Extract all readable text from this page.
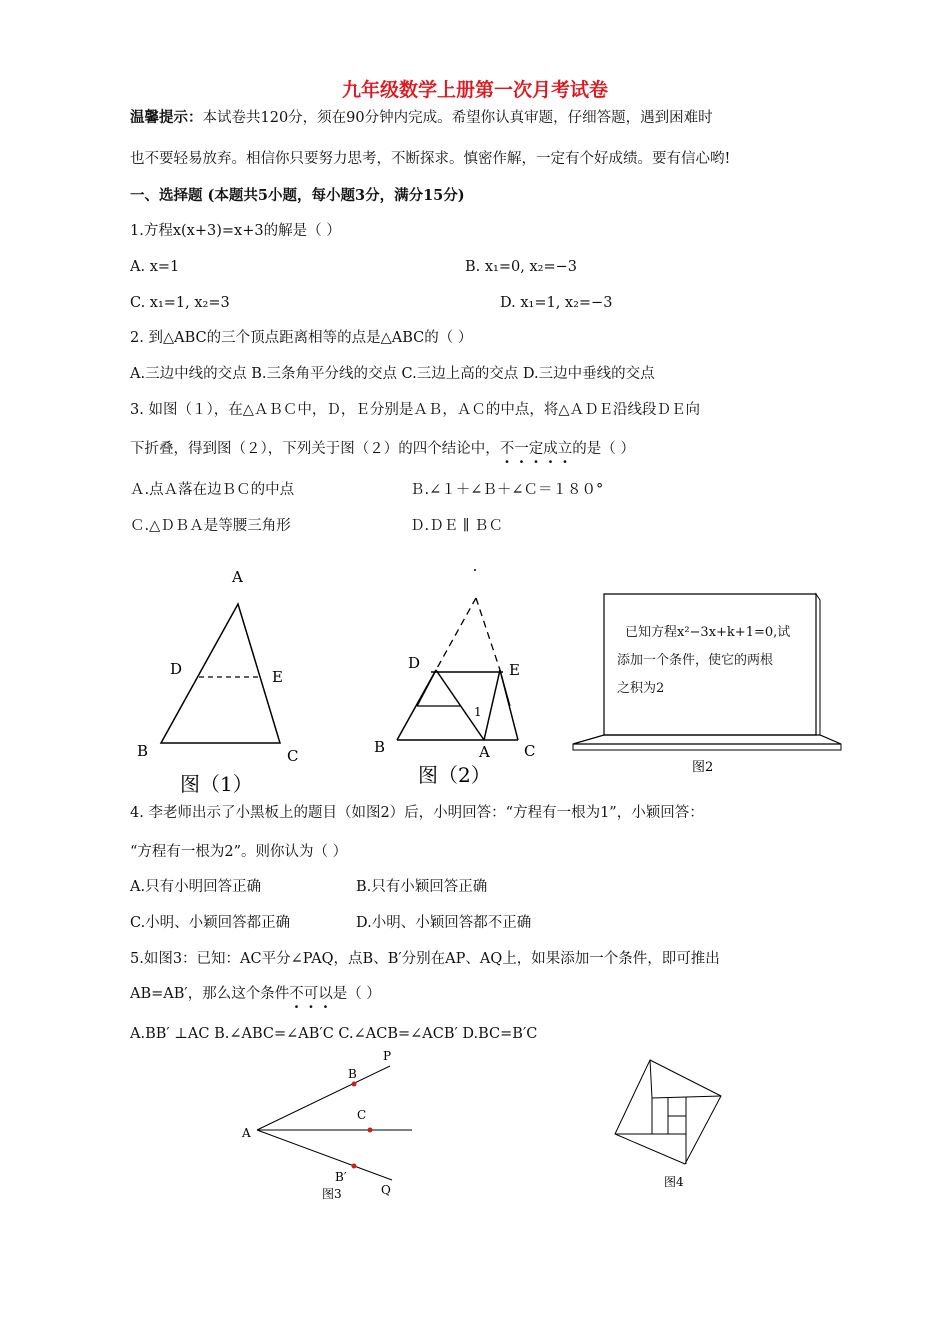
九年级数学上册第一次月考试卷
温馨提示：本试卷共120分，须在90分钟内完成。希望你认真审题，仔细答题，遇到困难时
也不要轻易放弃。相信你只要努力思考，不断探求。慎密作解，一定有个好成绩。要有信心哟!
一、选择题 (本题共5小题，每小题3分，满分15分)
1.方程x(x+3)=x+3的解是（ ）
A. x=1	B. x₁=0, x₂=−3
C. x₁=1, x₂=3	D. x₁=1, x₂=−3
2. 到△ABC的三个顶点距离相等的点是△ABC的（ ）
A.三边中线的交点 B.三条角平分线的交点 C.三边上高的交点 D.三边中垂线的交点
3. 如图（１），在△ＡＢＣ中，Ｄ，Ｅ分别是ＡＢ，ＡＣ的中点，将△ＡＤＥ沿线段ＤＥ向
下折叠，得到图（２），下列关于图（２）的四个结论中，不一定成立的是（ ）
Ａ.点Ａ落在边ＢＣ的中点	Ｂ.∠１＋∠Ｂ＋∠Ｃ＝１８０°
Ｃ.△ＤＢＡ是等腰三角形	Ｄ.ＤＥ ∥ ＢＣ
A
D	E
B	C
图（1）
D	E
B	A C
1
图（2）	图2
A
B
C
B′
P
Q
图3
图4
已知方程x²−3x+k+1=0,试
添加一个条件，使它的两根
之积为2
4. 李老师出示了小黑板上的题目（如图2）后，小明回答：“方程有一根为1”，小颖回答：
“方程有一根为2”。则你认为（ ）
A.只有小明回答正确	B.只有小颖回答正确
C.小明、小颖回答都正确	D.小明、小颖回答都不正确
5.如图3：已知：AC平分∠PAQ，点B、B′分别在AP、AQ上，如果添加一个条件，即可推出
AB=AB′，那么这个条件不可以是（ ）
A.BB′ ⊥AC B.∠ABC=∠AB′C C.∠ACB=∠ACB′ D.BC=B′C
